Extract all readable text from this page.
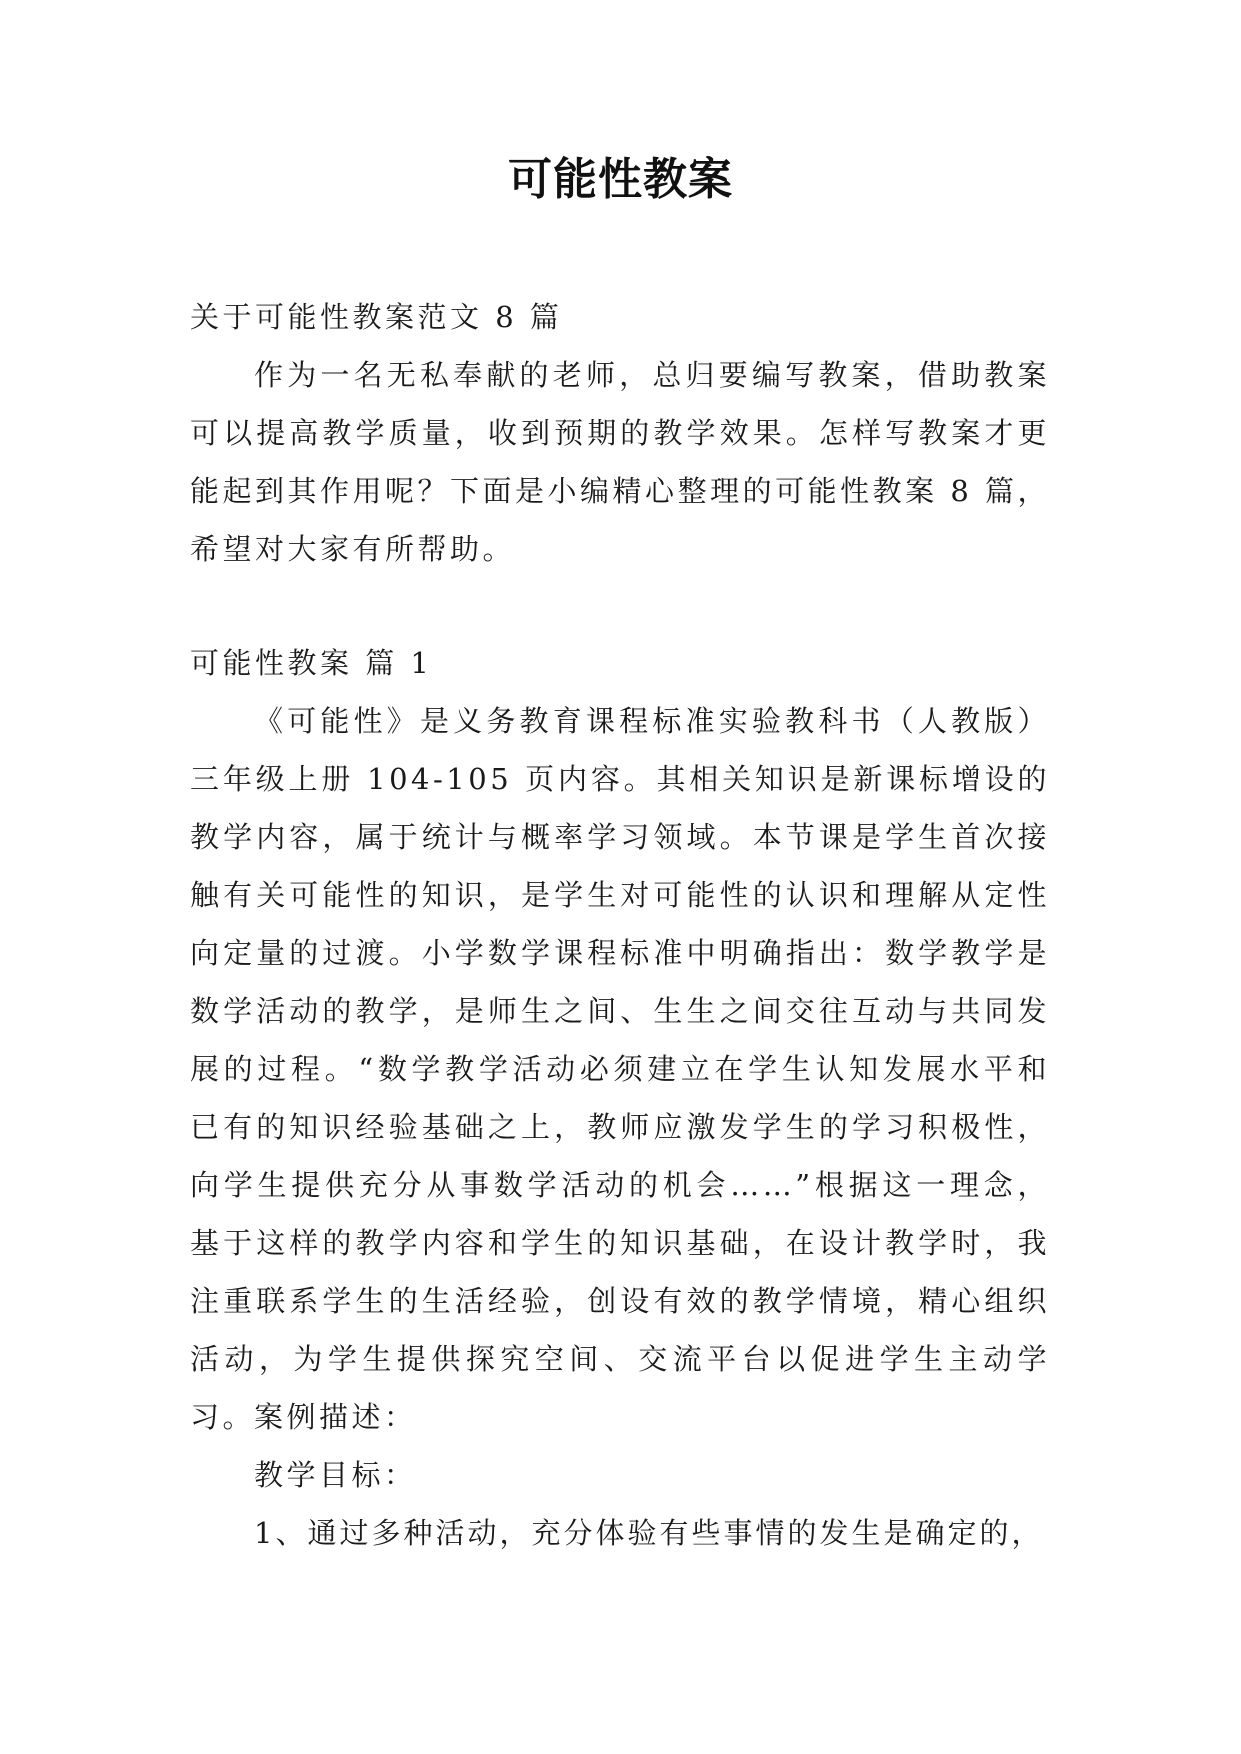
可能性教案

关于可能性教案范文 8 篇

作为一名无私奉献的老师，总归要编写教案，借助教案可以提高教学质量，收到预期的教学效果。怎样写教案才更能起到其作用呢？下面是小编精心整理的可能性教案 8 篇，希望对大家有所帮助。

可能性教案 篇 1

《可能性》是义务教育课程标准实验教科书（人教版）三年级上册 104-105 页内容。其相关知识是新课标增设的教学内容，属于统计与概率学习领域。本节课是学生首次接触有关可能性的知识，是学生对可能性的认识和理解从定性向定量的过渡。小学数学课程标准中明确指出：数学教学是数学活动的教学，是师生之间、生生之间交往互动与共同发展的过程。“数学教学活动必须建立在学生认知发展水平和已有的知识经验基础之上，教师应激发学生的学习积极性，向学生提供充分从事数学活动的机会……”根据这一理念，基于这样的教学内容和学生的知识基础，在设计教学时，我注重联系学生的生活经验，创设有效的教学情境，精心组织活动，为学生提供探究空间、交流平台以促进学生主动学习。

案例描述：

教学目标：

1、通过多种活动，充分体验有些事情的发生是确定的，
